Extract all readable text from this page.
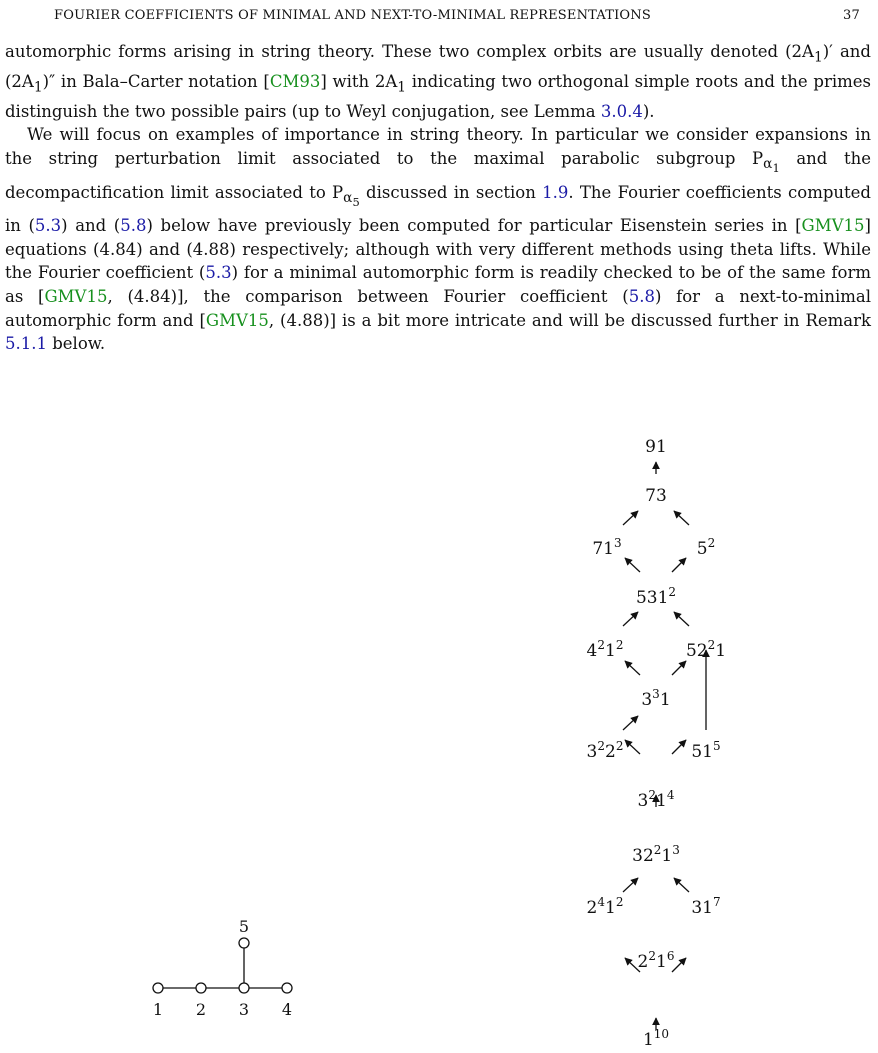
FOURIER COEFFICIENTS OF MINIMAL AND NEXT-TO-MINIMAL REPRESENTATIONS	37

automorphic forms arising in string theory. These two complex orbits are usually denoted $(2A_1)'$ and $(2A_1)''$ in Bala–Carter notation [CM93] with $2A_1$ indicating two orthogonal simple roots and the primes distinguish the two possible pairs (up to Weyl conjugation, see Lemma 3.0.4).

We will focus on examples of importance in string theory. In particular we consider expansions in the string perturbation limit associated to the maximal parabolic subgroup $P_{\alpha_1}$ and the decompactification limit associated to $P_{\alpha_5}$ discussed in section 1.9. The Fourier coefficients computed in (5.3) and (5.8) below have previously been computed for particular Eisenstein series in [GMV15] equations (4.84) and (4.88) respectively; although with very different methods using theta lifts. While the Fourier coefficient (5.3) for a minimal automorphic form is readily checked to be of the same form as [GMV15, (4.84)], the comparison between Fourier coefficient (5.8) for a next-to-minimal automorphic form and [GMV15, (4.88)] is a bit more intricate and will be discussed further in Remark 5.1.1 below.

1 2 3 4
5
91
73
$71^3$	$5^2$
$531^2$
$4^21^2$	$52^21$
$3^31$
$3^22^2$	$51^5$
$3^21^4$
$32^21^3$
$2^41^2$	$31^7$
$2^21^6$
$1^{10}$
